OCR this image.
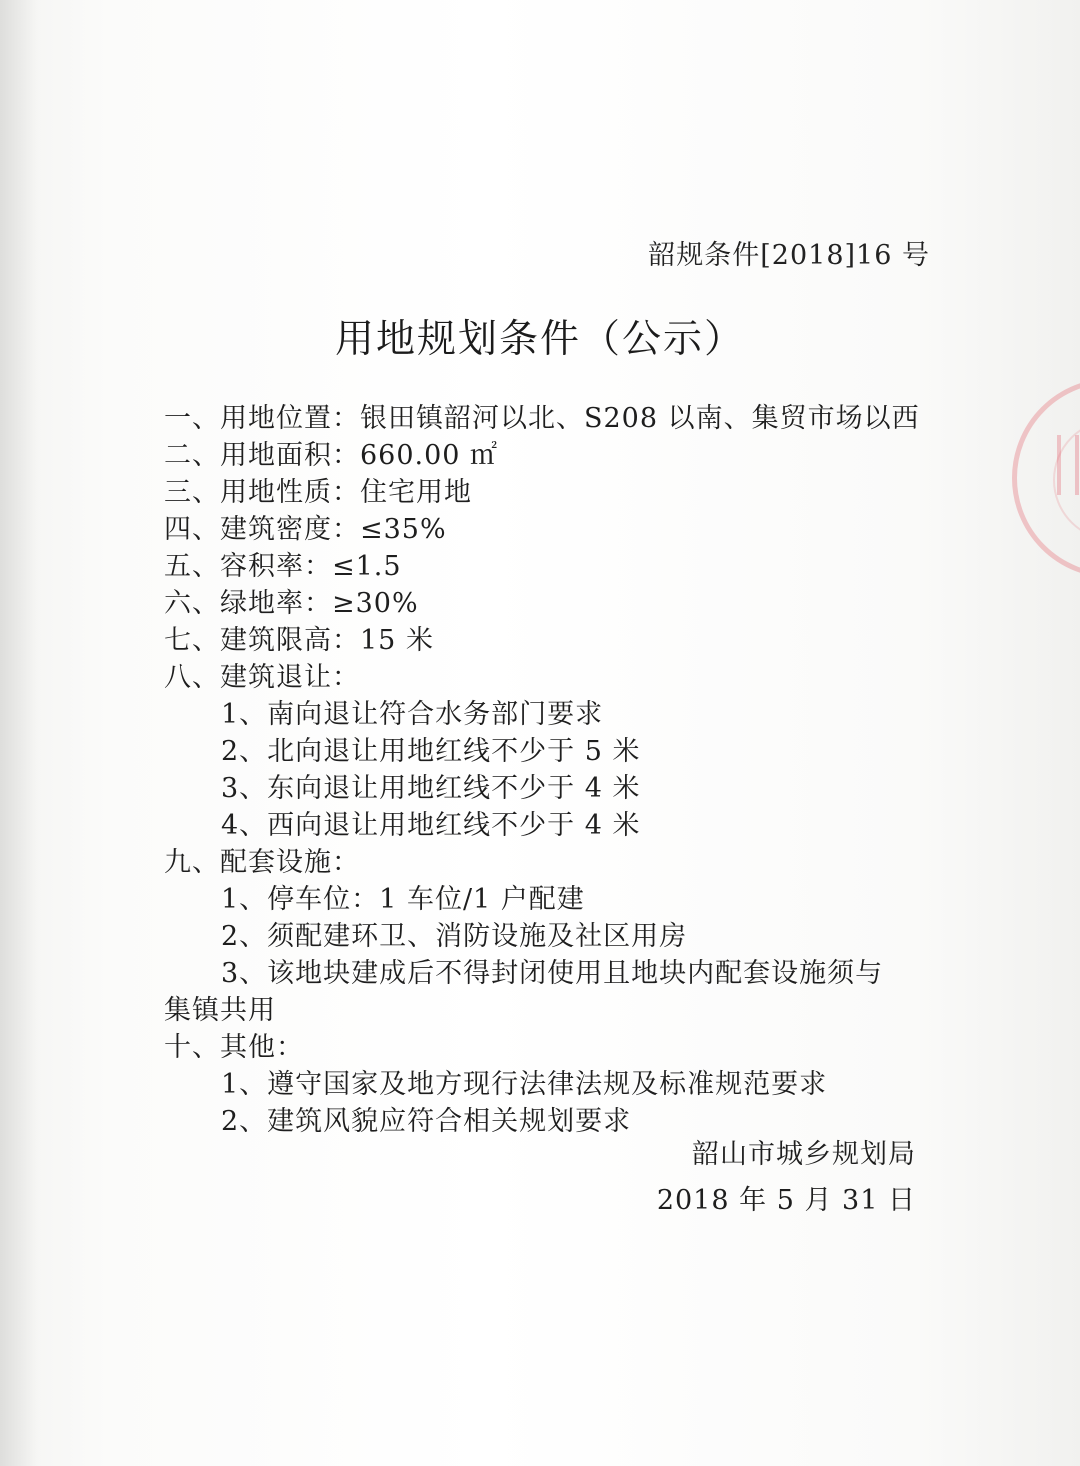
韶规条件[2018]16 号
用地规划条件（公示）
一、用地位置：银田镇韶河以北、S208 以南、集贸市场以西
二、用地面积：660.00 ㎡
三、用地性质：住宅用地
四、建筑密度：≤35%
五、容积率：≤1.5
六、绿地率：≥30%
七、建筑限高：15 米
八、建筑退让：
1、南向退让符合水务部门要求
2、北向退让用地红线不少于 5 米
3、东向退让用地红线不少于 4 米
4、西向退让用地红线不少于 4 米
九、配套设施：
1、停车位：1 车位/1 户配建
2、须配建环卫、消防设施及社区用房
3、该地块建成后不得封闭使用且地块内配套设施须与
集镇共用
十、其他：
1、遵守国家及地方现行法律法规及标准规范要求
2、建筑风貌应符合相关规划要求
韶山市城乡规划局
2018 年 5 月 31 日
